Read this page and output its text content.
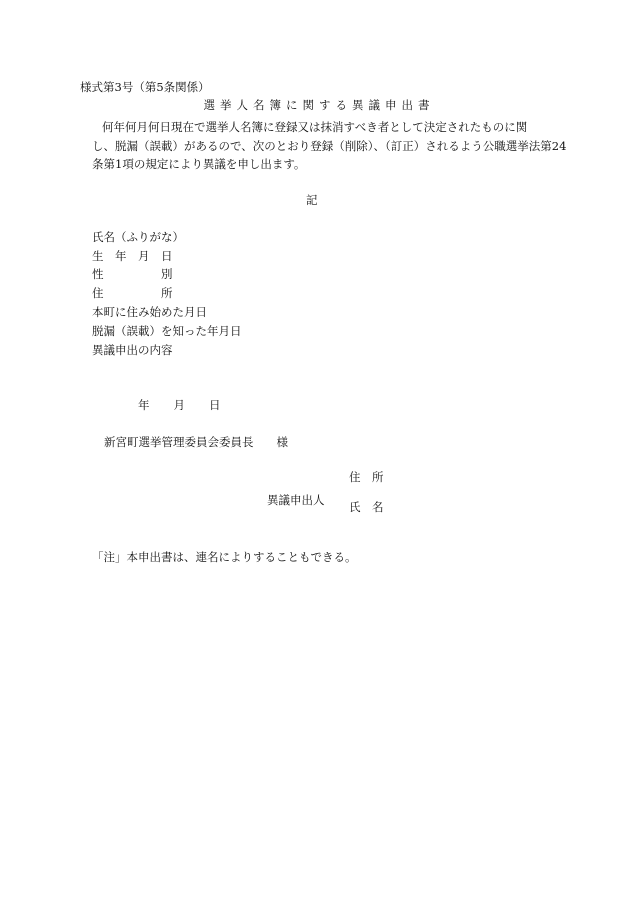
様式第3号（第5条関係）
選挙人名簿に関する異議申出書
何年何月何日現在で選挙人名簿に登録又は抹消すべき者として決定されたものに関
し、脱漏（誤載）があるので、次のとおり登録（削除）、（訂正）されるよう公職選挙法第24
条第1項の規定により異議を申し出ます。
記
氏名（ふりがな）
生　年　月　日
性　　　　　別
住　　　　　所
本町に住み始めた月日
脱漏（誤載）を知った年月日
異議申出の内容
年 月 日
新宮町選挙管理委員会委員長　　様
異議申出人
住　所
氏　名
「注」本申出書は、連名によりすることもできる。
